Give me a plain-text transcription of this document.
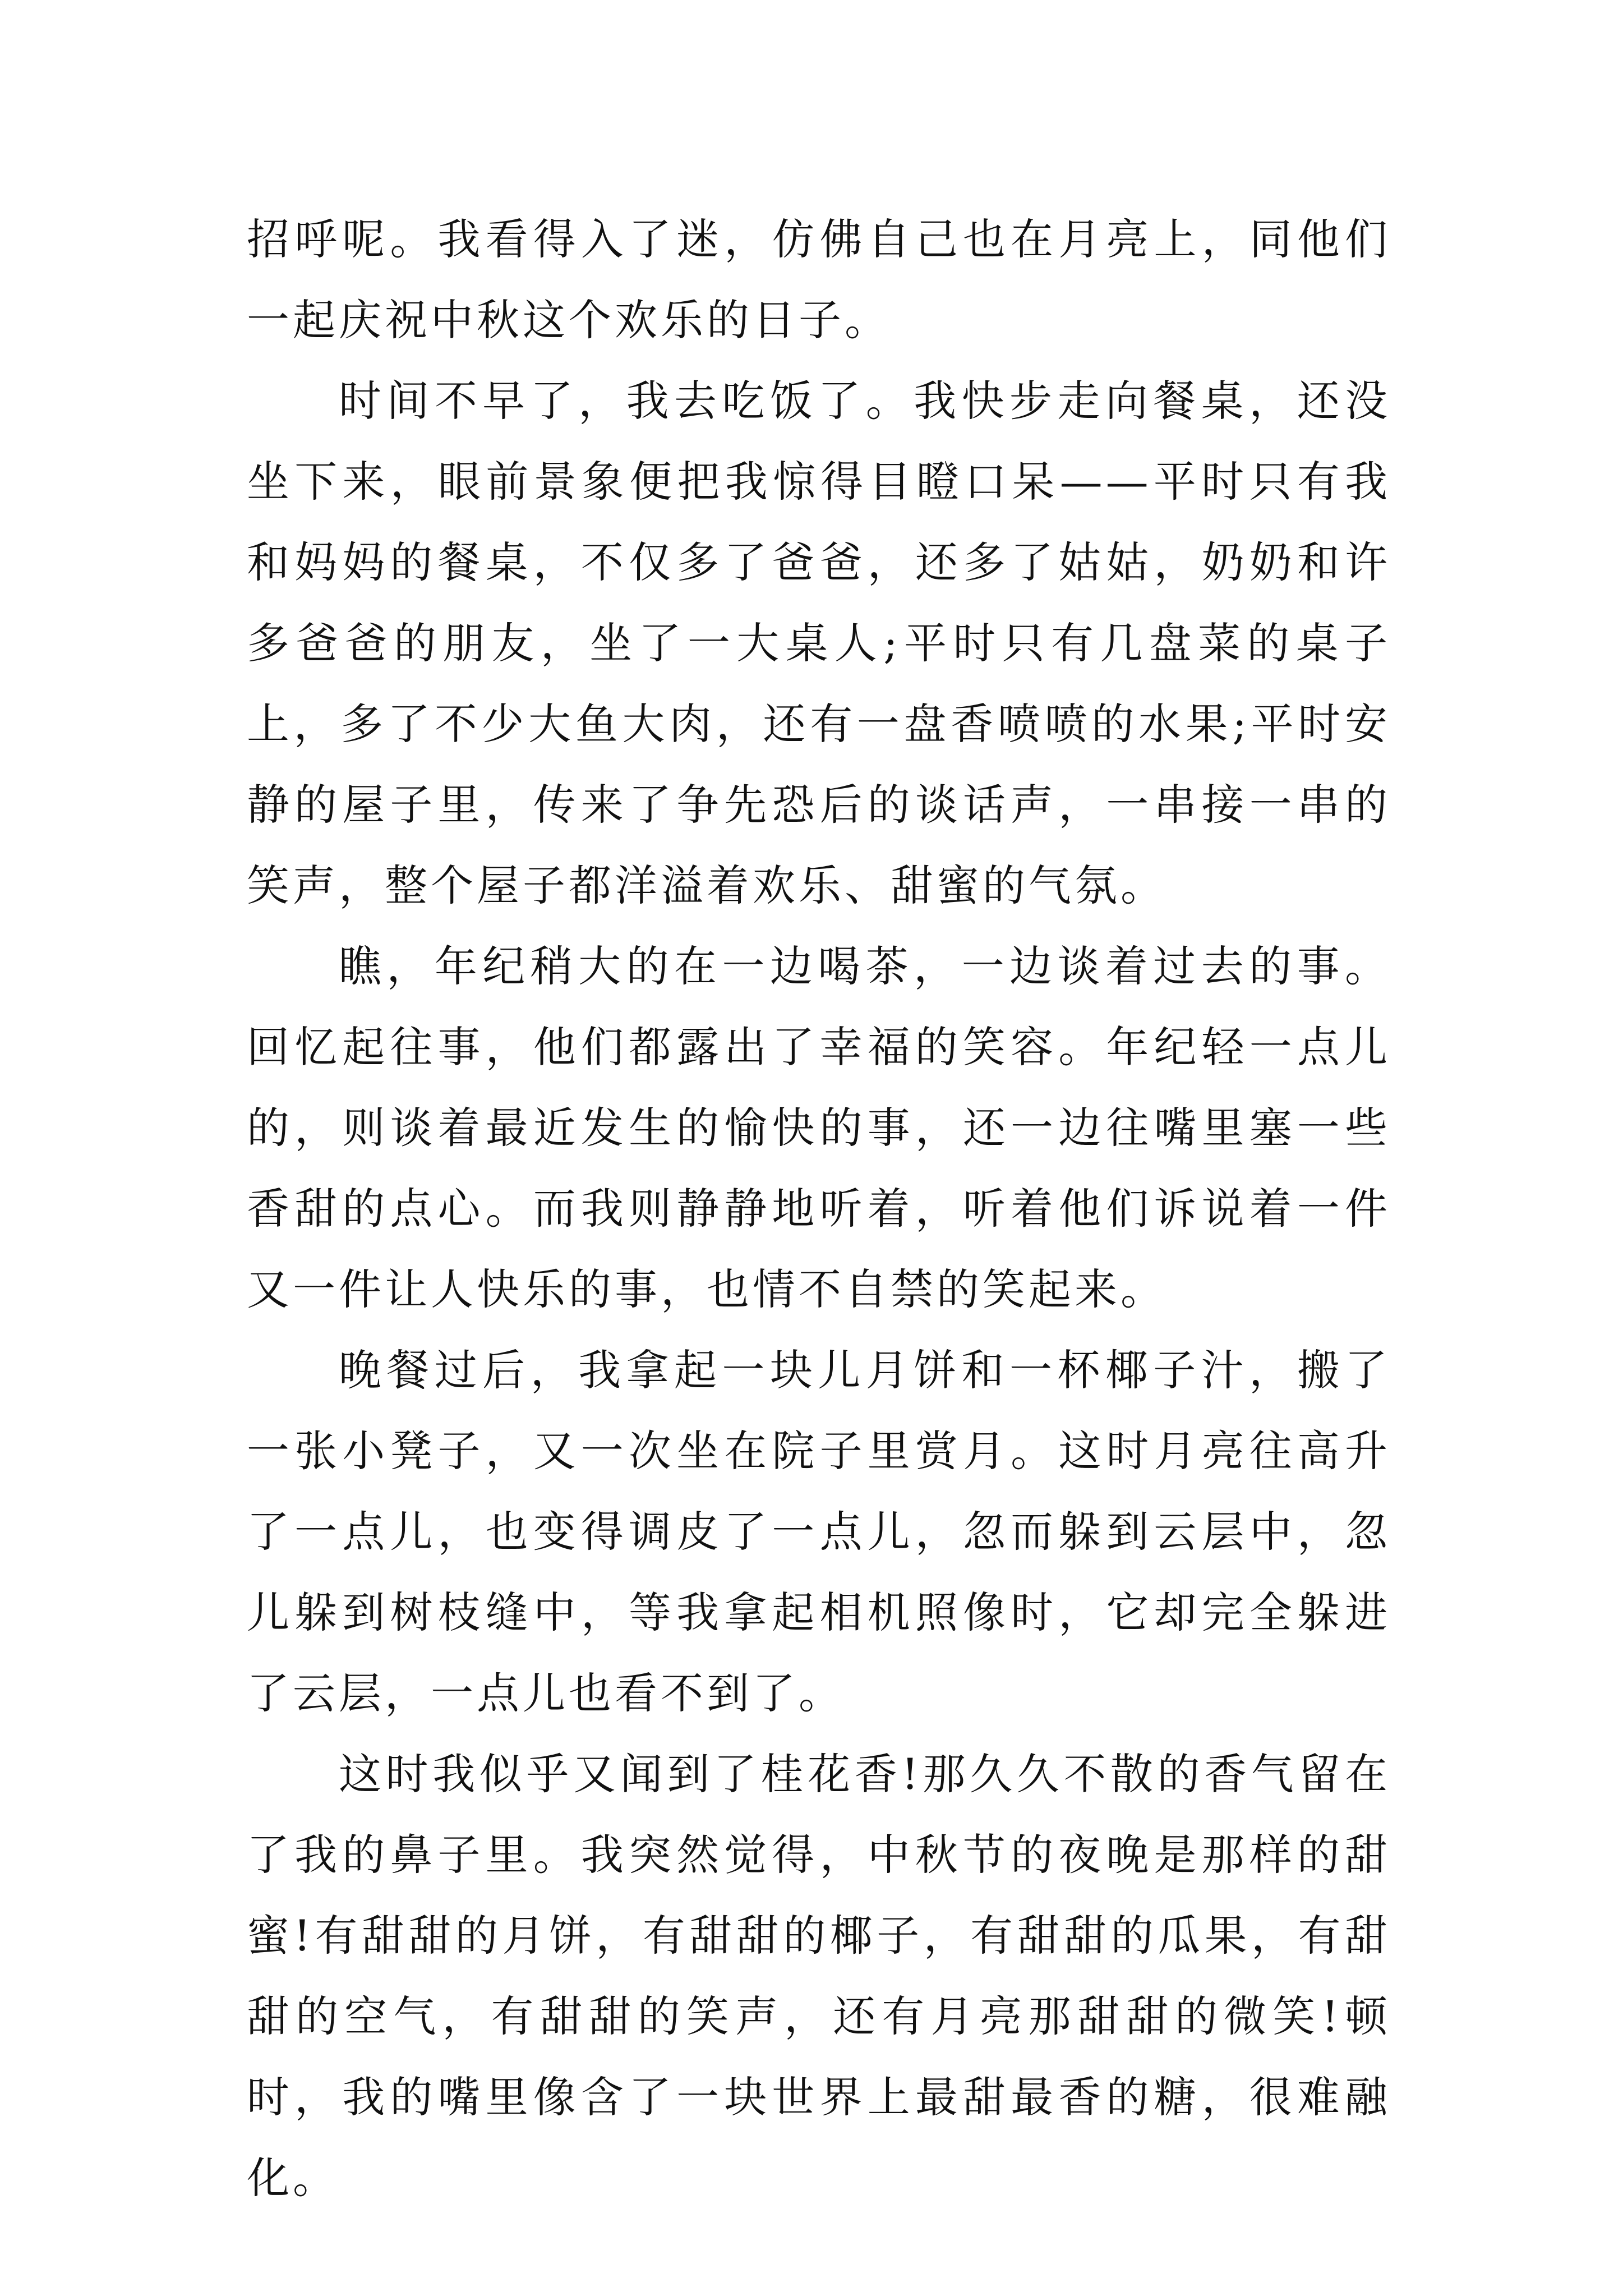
招呼呢。我看得入了迷，仿佛自己也在月亮上，同他们一起庆祝中秋这个欢乐的日子。

时间不早了，我去吃饭了。我快步走向餐桌，还没坐下来，眼前景象便把我惊得目瞪口呆——平时只有我和妈妈的餐桌，不仅多了爸爸，还多了姑姑，奶奶和许多爸爸的朋友，坐了一大桌人;平时只有几盘菜的桌子上，多了不少大鱼大肉，还有一盘香喷喷的水果;平时安静的屋子里，传来了争先恐后的谈话声，一串接一串的笑声，整个屋子都洋溢着欢乐、甜蜜的气氛。

瞧，年纪稍大的在一边喝茶，一边谈着过去的事。回忆起往事，他们都露出了幸福的笑容。年纪轻一点儿的，则谈着最近发生的愉快的事，还一边往嘴里塞一些香甜的点心。而我则静静地听着，听着他们诉说着一件又一件让人快乐的事，也情不自禁的笑起来。

晚餐过后，我拿起一块儿月饼和一杯椰子汁，搬了一张小凳子，又一次坐在院子里赏月。这时月亮往高升了一点儿，也变得调皮了一点儿，忽而躲到云层中，忽儿躲到树枝缝中，等我拿起相机照像时，它却完全躲进了云层，一点儿也看不到了。

这时我似乎又闻到了桂花香!那久久不散的香气留在了我的鼻子里。我突然觉得，中秋节的夜晚是那样的甜蜜!有甜甜的月饼，有甜甜的椰子，有甜甜的瓜果，有甜甜的空气，有甜甜的笑声，还有月亮那甜甜的微笑!顿时，我的嘴里像含了一块世界上最甜最香的糖，很难融化。
